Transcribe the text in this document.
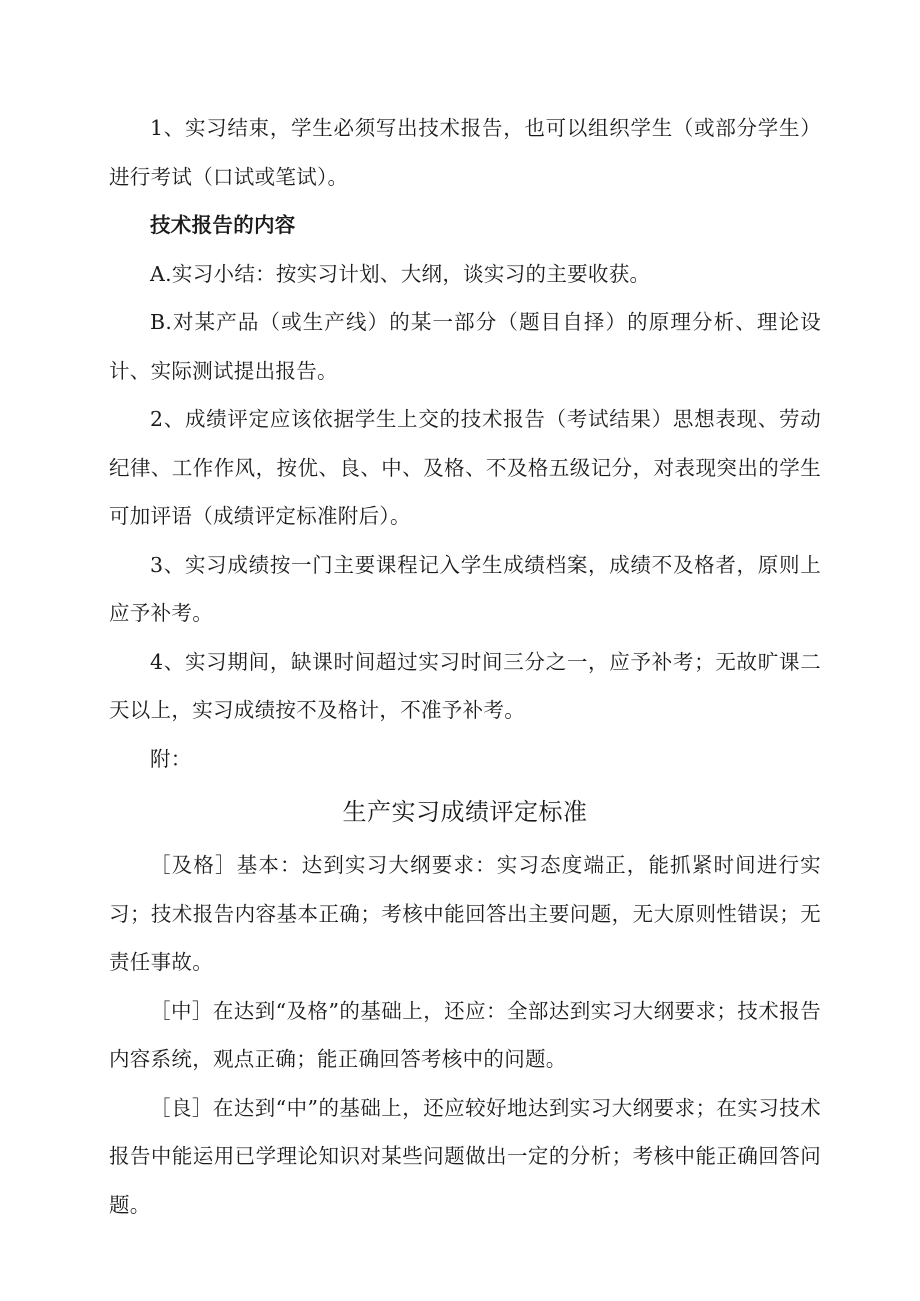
1、实习结束，学生必须写出技术报告，也可以组织学生（或部分学生）进行考试（口试或笔试）。

技术报告的内容

A.实习小结：按实习计划、大纲，谈实习的主要收获。

B.对某产品（或生产线）的某一部分（题目自择）的原理分析、理论设计、实际测试提出报告。

2、成绩评定应该依据学生上交的技术报告（考试结果）思想表现、劳动纪律、工作作风，按优、良、中、及格、不及格五级记分，对表现突出的学生可加评语（成绩评定标准附后）。

3、实习成绩按一门主要课程记入学生成绩档案，成绩不及格者，原则上应予补考。

4、实习期间，缺课时间超过实习时间三分之一，应予补考；无故旷课二天以上，实习成绩按不及格计，不准予补考。

附：

生产实习成绩评定标准

［及格］基本：达到实习大纲要求：实习态度端正，能抓紧时间进行实习；技术报告内容基本正确；考核中能回答出主要问题，无大原则性错误；无责任事故。

［中］在达到“及格”的基础上，还应：全部达到实习大纲要求；技术报告内容系统，观点正确；能正确回答考核中的问题。

［良］在达到“中”的基础上，还应较好地达到实习大纲要求；在实习技术报告中能运用已学理论知识对某些问题做出一定的分析；考核中能正确回答问题。
